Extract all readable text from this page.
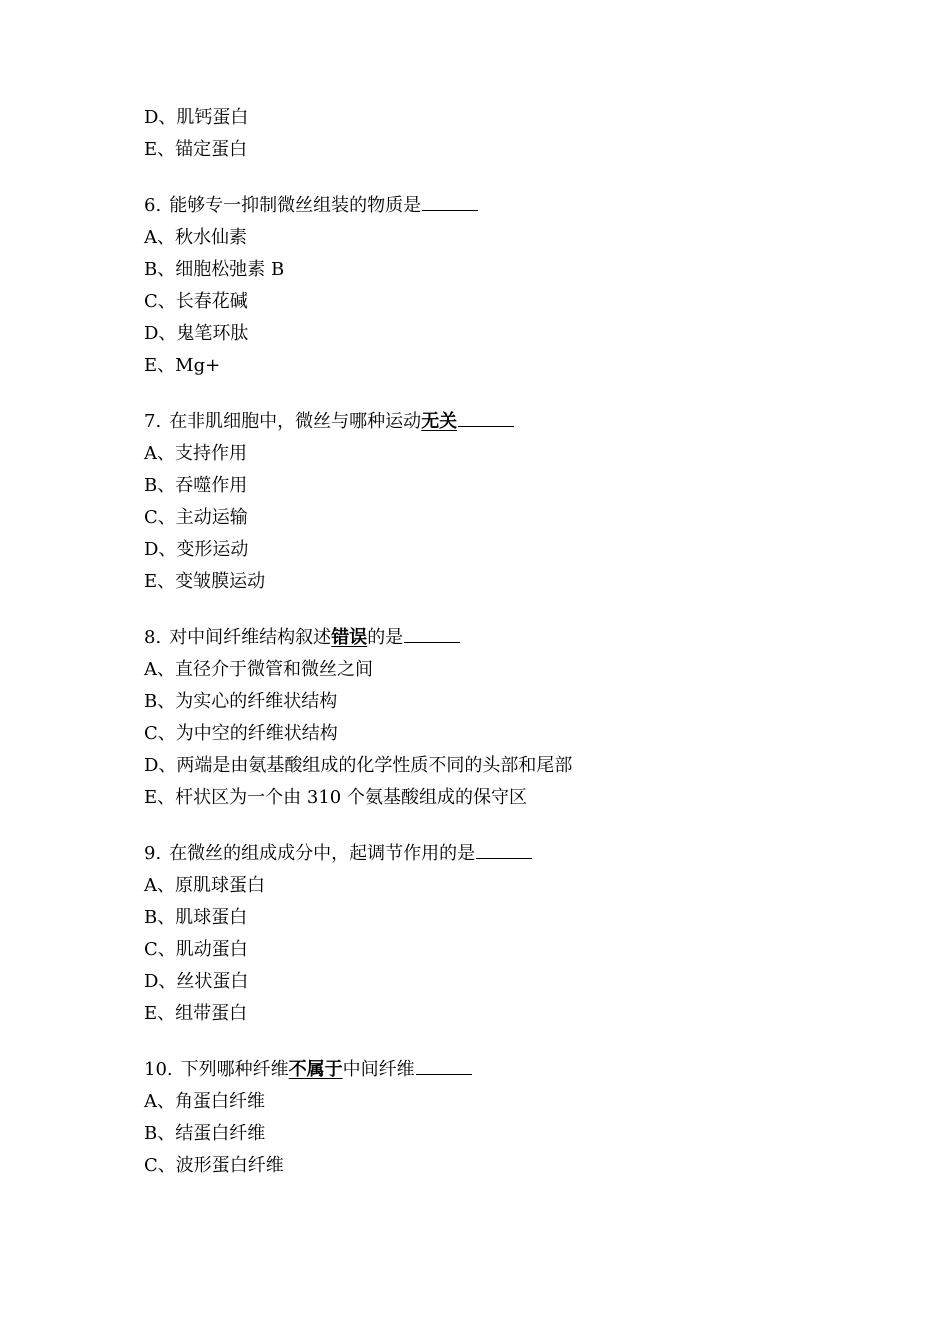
D、肌钙蛋白
E、锚定蛋白
6. 能够专一抑制微丝组装的物质是
A、秋水仙素
B、细胞松弛素 B
C、长春花碱
D、鬼笔环肽
E、Mg+
7. 在非肌细胞中，微丝与哪种运动无关
A、支持作用
B、吞噬作用
C、主动运输
D、变形运动
E、变皱膜运动
8. 对中间纤维结构叙述错误的是
A、直径介于微管和微丝之间
B、为实心的纤维状结构
C、为中空的纤维状结构
D、两端是由氨基酸组成的化学性质不同的头部和尾部
E、杆状区为一个由 310 个氨基酸组成的保守区
9. 在微丝的组成成分中，起调节作用的是
A、原肌球蛋白
B、肌球蛋白
C、肌动蛋白
D、丝状蛋白
E、组带蛋白
10. 下列哪种纤维不属于中间纤维
A、角蛋白纤维
B、结蛋白纤维
C、波形蛋白纤维
